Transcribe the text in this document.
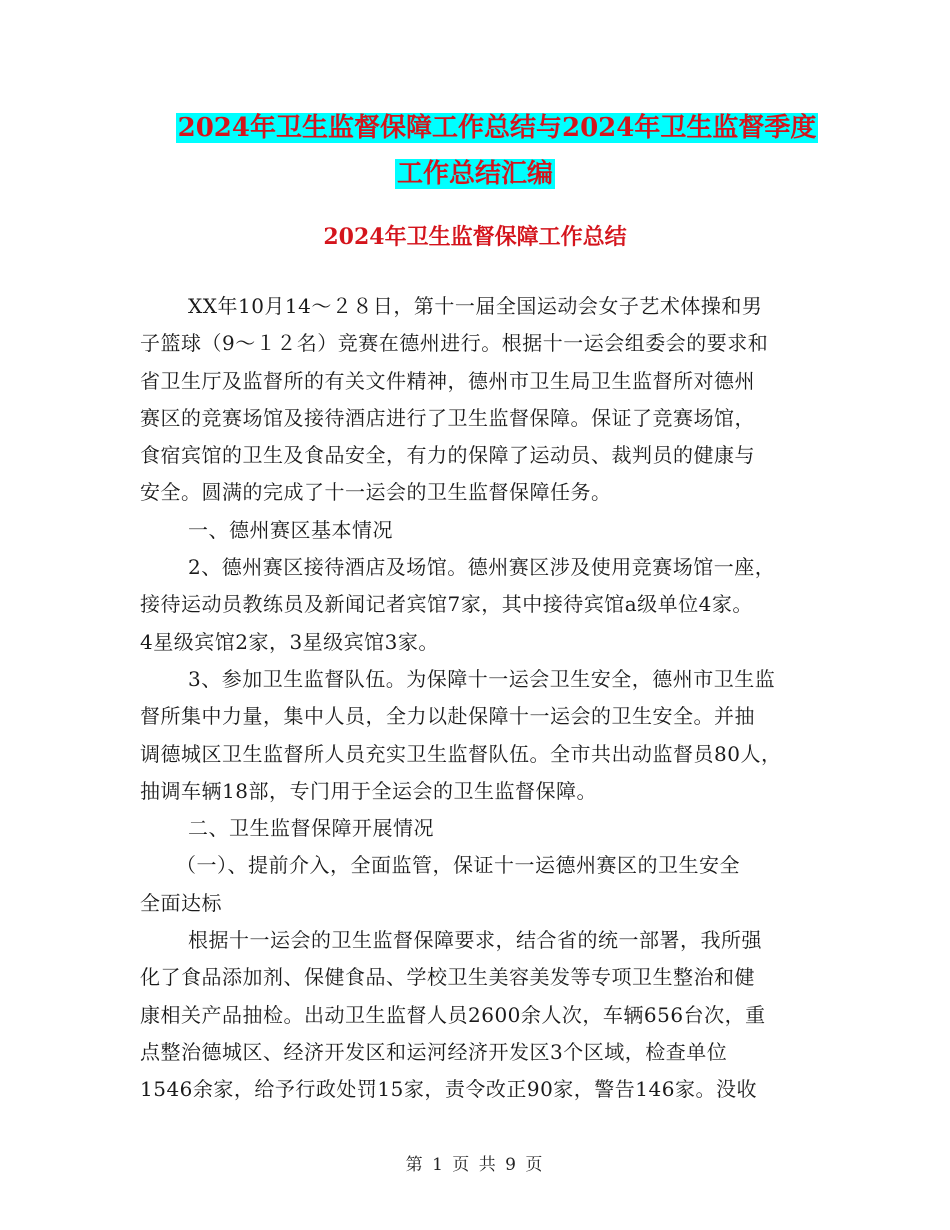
2024年卫生监督保障工作总结与2024年卫生监督季度
工作总结汇编
2024年卫生监督保障工作总结
XX年10月14～２８日，第十一届全国运动会女子艺术体操和男
子篮球（9～１２名）竞赛在德州进行。根据十一运会组委会的要求和
省卫生厅及监督所的有关文件精神，德州市卫生局卫生监督所对德州
赛区的竞赛场馆及接待酒店进行了卫生监督保障。保证了竞赛场馆，
食宿宾馆的卫生及食品安全，有力的保障了运动员、裁判员的健康与
安全。圆满的完成了十一运会的卫生监督保障任务。
一、德州赛区基本情况
2、德州赛区接待酒店及场馆。德州赛区涉及使用竞赛场馆一座，
接待运动员教练员及新闻记者宾馆7家，其中接待宾馆a级单位4家。
4星级宾馆2家，3星级宾馆3家。
3、参加卫生监督队伍。为保障十一运会卫生安全，德州市卫生监
督所集中力量，集中人员，全力以赴保障十一运会的卫生安全。并抽
调德城区卫生监督所人员充实卫生监督队伍。全市共出动监督员80人，
抽调车辆18部，专门用于全运会的卫生监督保障。
二、卫生监督保障开展情况
（一）、提前介入，全面监管，保证十一运德州赛区的卫生安全
全面达标
根据十一运会的卫生监督保障要求，结合省的统一部署，我所强
化了食品添加剂、保健食品、学校卫生美容美发等专项卫生整治和健
康相关产品抽检。出动卫生监督人员2600余人次，车辆656台次，重
点整治德城区、经济开发区和运河经济开发区3个区域，检查单位
1546余家，给予行政处罚15家，责令改正90家，警告146家。没收
第 1 页 共 9 页
